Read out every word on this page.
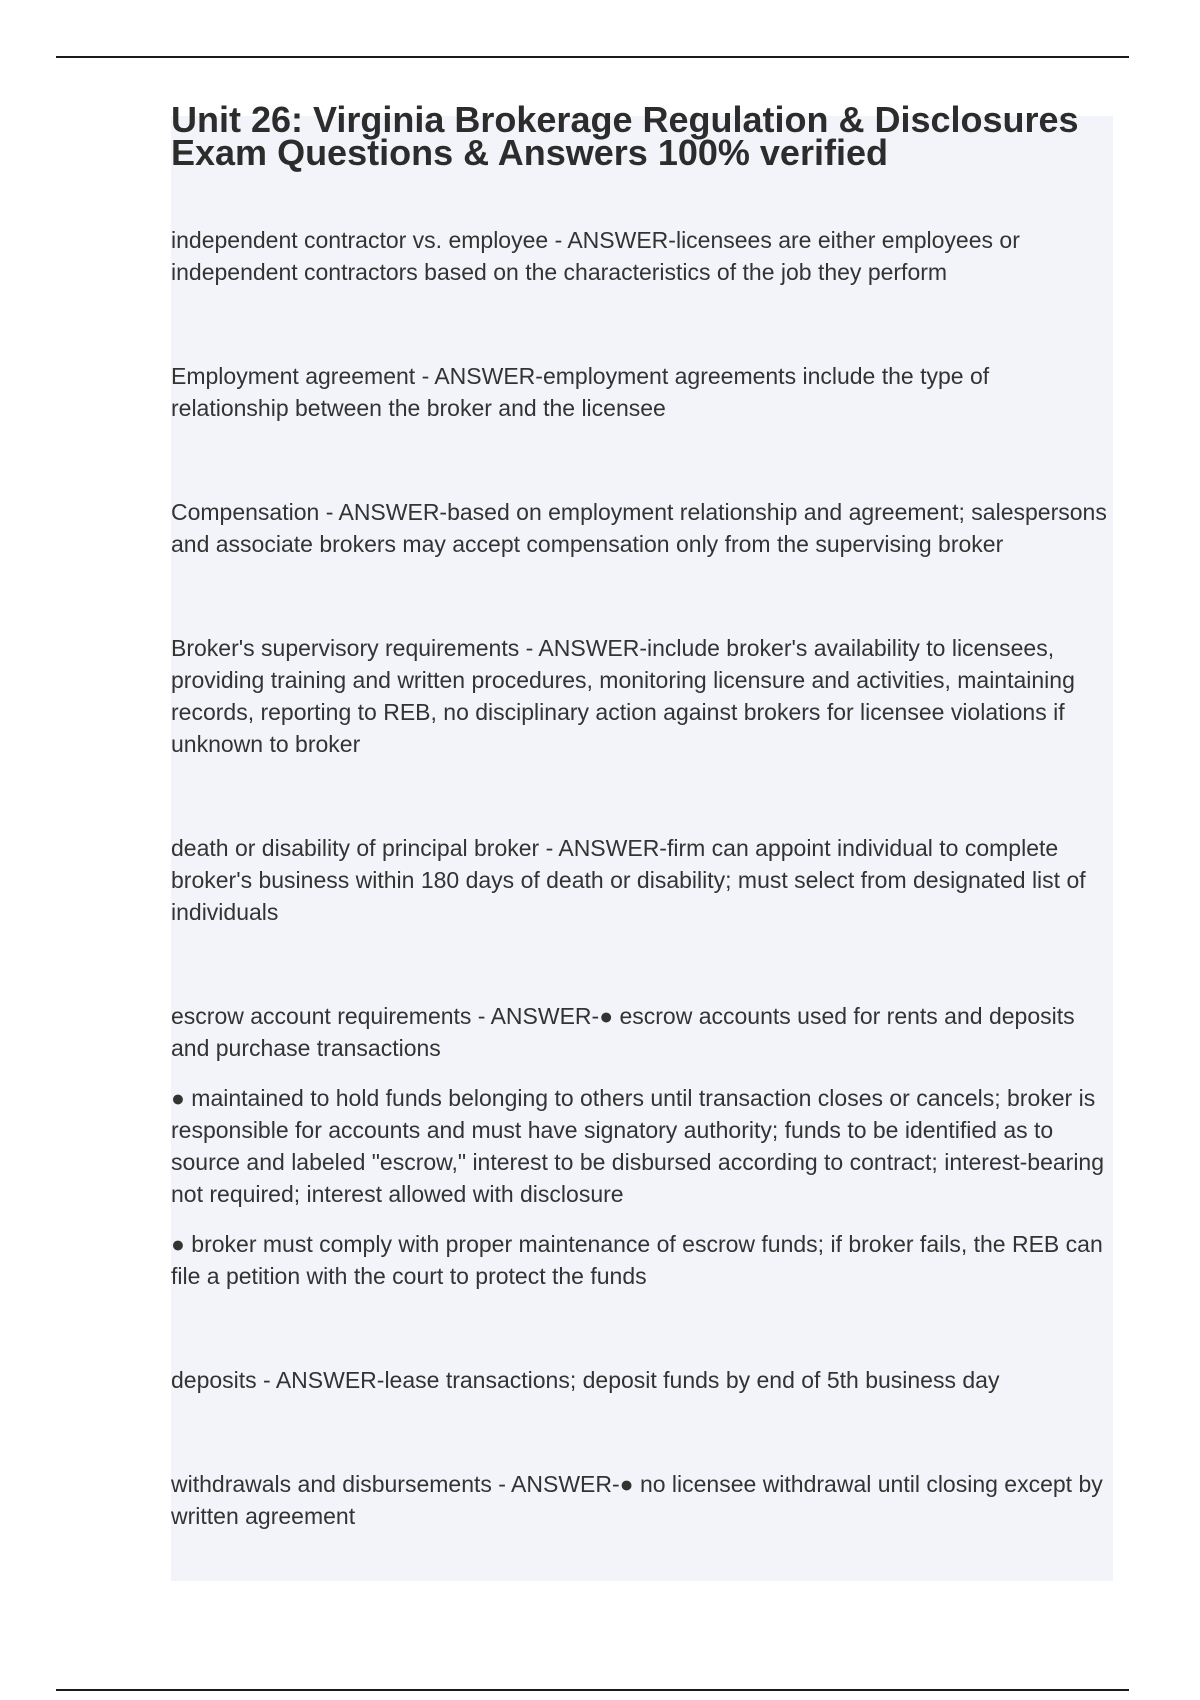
Unit 26: Virginia Brokerage Regulation & Disclosures Exam Questions & Answers 100% verified

independent contractor vs. employee - ANSWER-licensees are either employees or independent contractors based on the characteristics of the job they perform

Employment agreement - ANSWER-employment agreements include the type of relationship between the broker and the licensee

Compensation - ANSWER-based on employment relationship and agreement; salespersons and associate brokers may accept compensation only from the supervising broker

Broker's supervisory requirements - ANSWER-include broker's availability to licensees, providing training and written procedures, monitoring licensure and activities, maintaining records, reporting to REB, no disciplinary action against brokers for licensee violations if unknown to broker

death or disability of principal broker - ANSWER-firm can appoint individual to complete broker's business within 180 days of death or disability; must select from designated list of individuals

escrow account requirements - ANSWER-● escrow accounts used for rents and deposits and purchase transactions

● maintained to hold funds belonging to others until transaction closes or cancels; broker is responsible for accounts and must have signatory authority; funds to be identified as to source and labeled "escrow," interest to be disbursed according to contract; interest-bearing not required; interest allowed with disclosure

● broker must comply with proper maintenance of escrow funds; if broker fails, the REB can file a petition with the court to protect the funds

deposits - ANSWER-lease transactions; deposit funds by end of 5th business day

withdrawals and disbursements - ANSWER-● no licensee withdrawal until closing except by written agreement
